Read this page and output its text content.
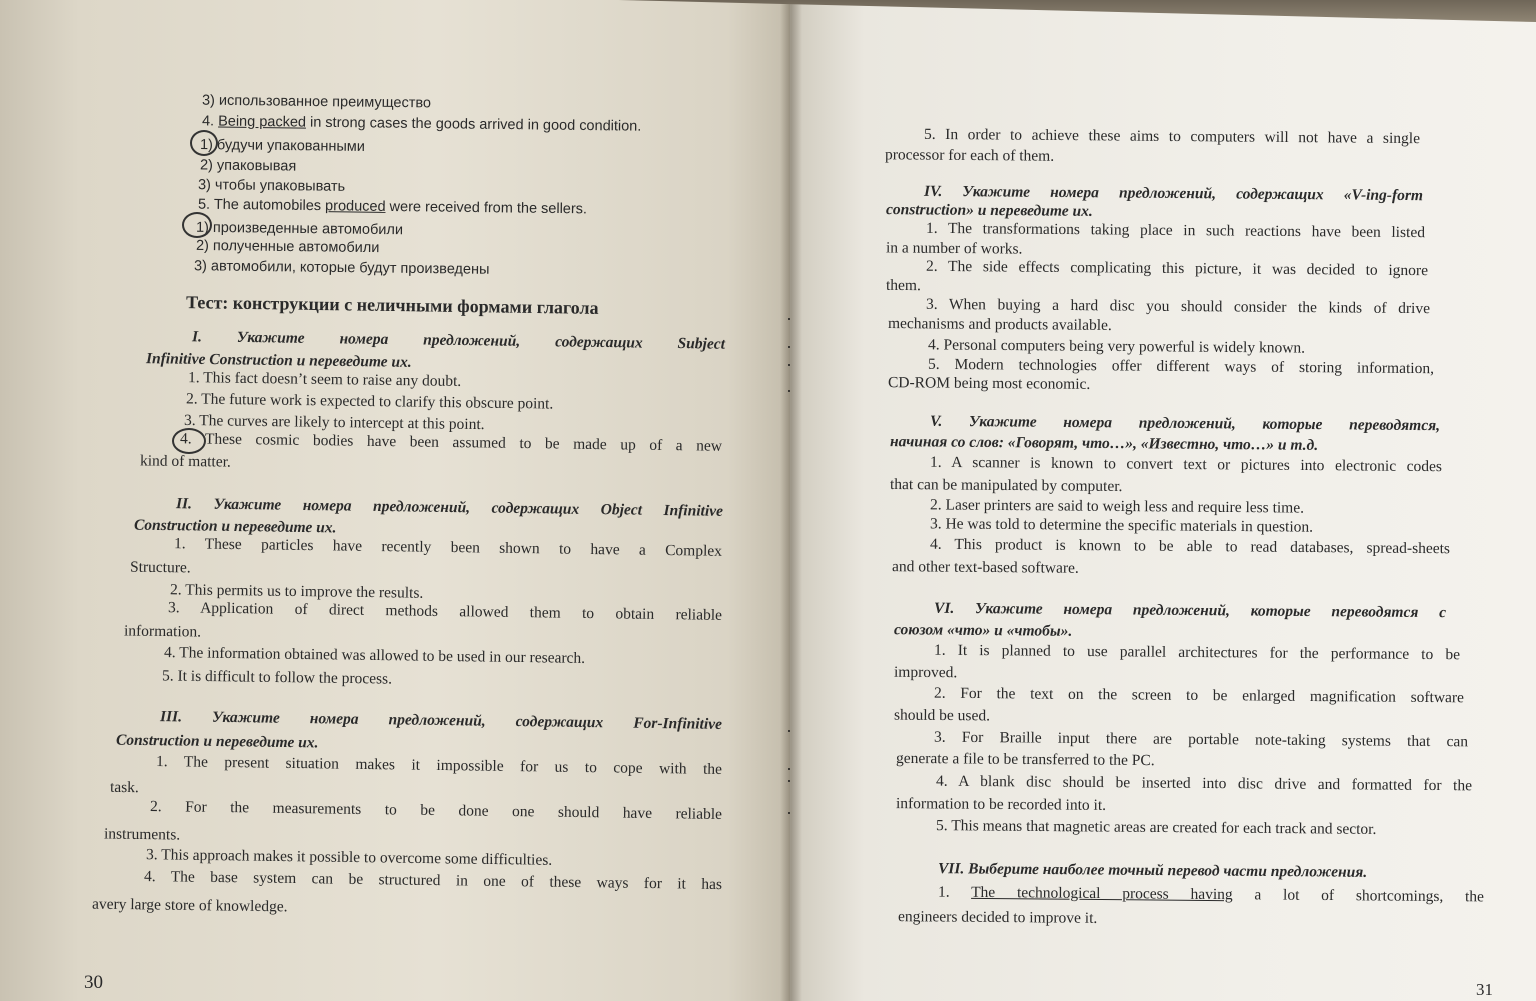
3) использованное преимущество
4. Being packed in strong cases the goods arrived in good condition.
1) будучи упакованными
2) упаковывая
3) чтобы упаковывать
5. The automobiles produced were received from the sellers.
1) произведенные автомобили
2) полученные автомобили
3) автомобили, которые будут произведены
Тест: конструкции с неличными формами глагола
I. Укажите номера предложений, содержащих Subject
Infinitive Construction и переведите их.
1. This fact doesn’t seem to raise any doubt.
2. The future work is expected to clarify this obscure point.
3. The curves are likely to intercept at this point.
4. These cosmic bodies have been assumed to be made up of a new
kind of matter.
II. Укажите номера предложений, содержащих Object Infinitive
Construction и переведите их.
1. These particles have recently been shown to have a Complex
Structure.
2. This permits us to improve the results.
3. Application of direct methods allowed them to obtain reliable
information.
4. The information obtained was allowed to be used in our research.
5. It is difficult to follow the process.
III. Укажите номера предложений, содержащих For-Infinitive
Construction и переведите их.
1. The present situation makes it impossible for us to cope with the
task.
2. For the measurements to be done one should have reliable
instruments.
3. This approach makes it possible to overcome some difficulties.
4. The base system can be structured in one of these ways for it has
avery large store of knowledge.
30
5. In order to achieve these aims to computers will not have a single
processor for each of them.
IV. Укажите номера предложений, содержащих «V-ing-form
construction» и переведите их.
1. The transformations taking place in such reactions have been listed
in a number of works.
2. The side effects complicating this picture, it was decided to ignore
them.
3. When buying a hard disc you should consider the kinds of drive
mechanisms and products available.
4. Personal computers being very powerful is widely known.
5. Modern technologies offer different ways of storing information,
CD-ROM being most economic.
V. Укажите номера предложений, которые переводятся,
начиная со слов: «Говорят, что…», «Известно, что…» и т.д.
1. A scanner is known to convert text or pictures into electronic codes
that can be manipulated by computer.
2. Laser printers are said to weigh less and require less time.
3. He was told to determine the specific materials in question.
4. This product is known to be able to read databases, spread-sheets
and other text-based software.
VI. Укажите номера предложений, которые переводятся с
союзом «что» и «чтобы».
1. It is planned to use parallel architectures for the performance to be
improved.
2. For the text on the screen to be enlarged magnification software
should be used.
3. For Braille input there are portable note-taking systems that can
generate a file to be transferred to the PC.
4. A blank disc should be inserted into disc drive and formatted for the
information to be recorded into it.
5. This means that magnetic areas are created for each track and sector.
VII. Выберите наиболее точный перевод части предложения.
1. The technological process having a lot of shortcomings, the
engineers decided to improve it.
31
